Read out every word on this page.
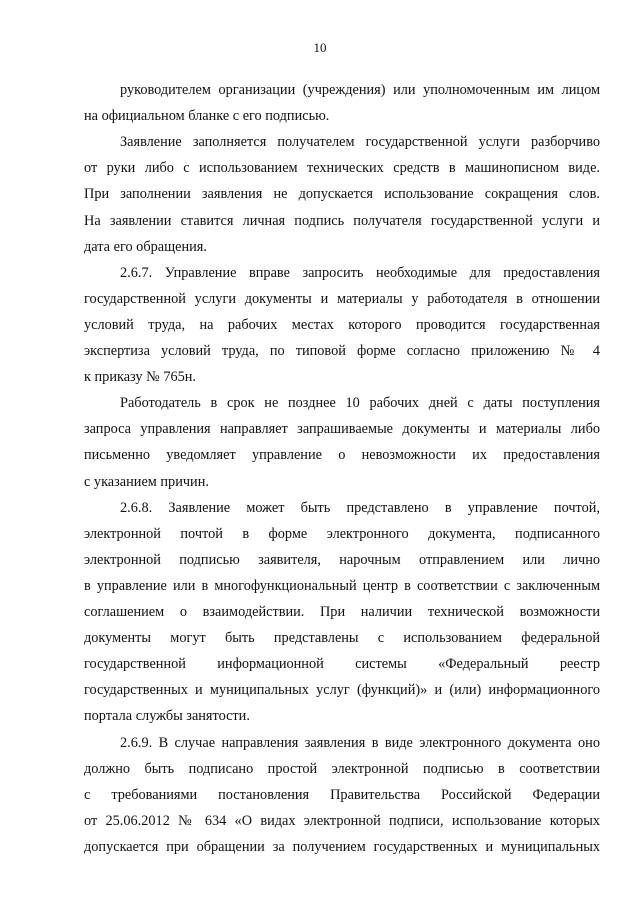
10
руководителем организации (учреждения) или уполномоченным им лицом
на официальном бланке с его подписью.
Заявление заполняется получателем государственной услуги разборчиво
от руки либо с использованием технических средств в машинописном виде.
При заполнении заявления не допускается использование сокращения слов.
На заявлении ставится личная подпись получателя государственной услуги и
дата его обращения.
2.6.7. Управление вправе запросить необходимые для предоставления
государственной услуги документы и материалы у работодателя в отношении
условий труда, на рабочих местах которого проводится государственная
экспертиза условий труда, по типовой форме согласно приложению № 4
к приказу № 765н.
Работодатель в срок не позднее 10 рабочих дней с даты поступления
запроса управления направляет запрашиваемые документы и материалы либо
письменно уведомляет управление о невозможности их предоставления
с указанием причин.
2.6.8. Заявление может быть представлено в управление почтой,
электронной почтой в форме электронного документа, подписанного
электронной подписью заявителя, нарочным отправлением или лично
в управление или в многофункциональный центр в соответствии с заключенным
соглашением о взаимодействии. При наличии технической возможности
документы могут быть представлены с использованием федеральной
государственной информационной системы «Федеральный реестр
государственных и муниципальных услуг (функций)» и (или) информационного
портала службы занятости.
2.6.9. В случае направления заявления в виде электронного документа оно
должно быть подписано простой электронной подписью в соответствии
с требованиями постановления Правительства Российской Федерации
от 25.06.2012 № 634 «О видах электронной подписи, использование которых
допускается при обращении за получением государственных и муниципальных
